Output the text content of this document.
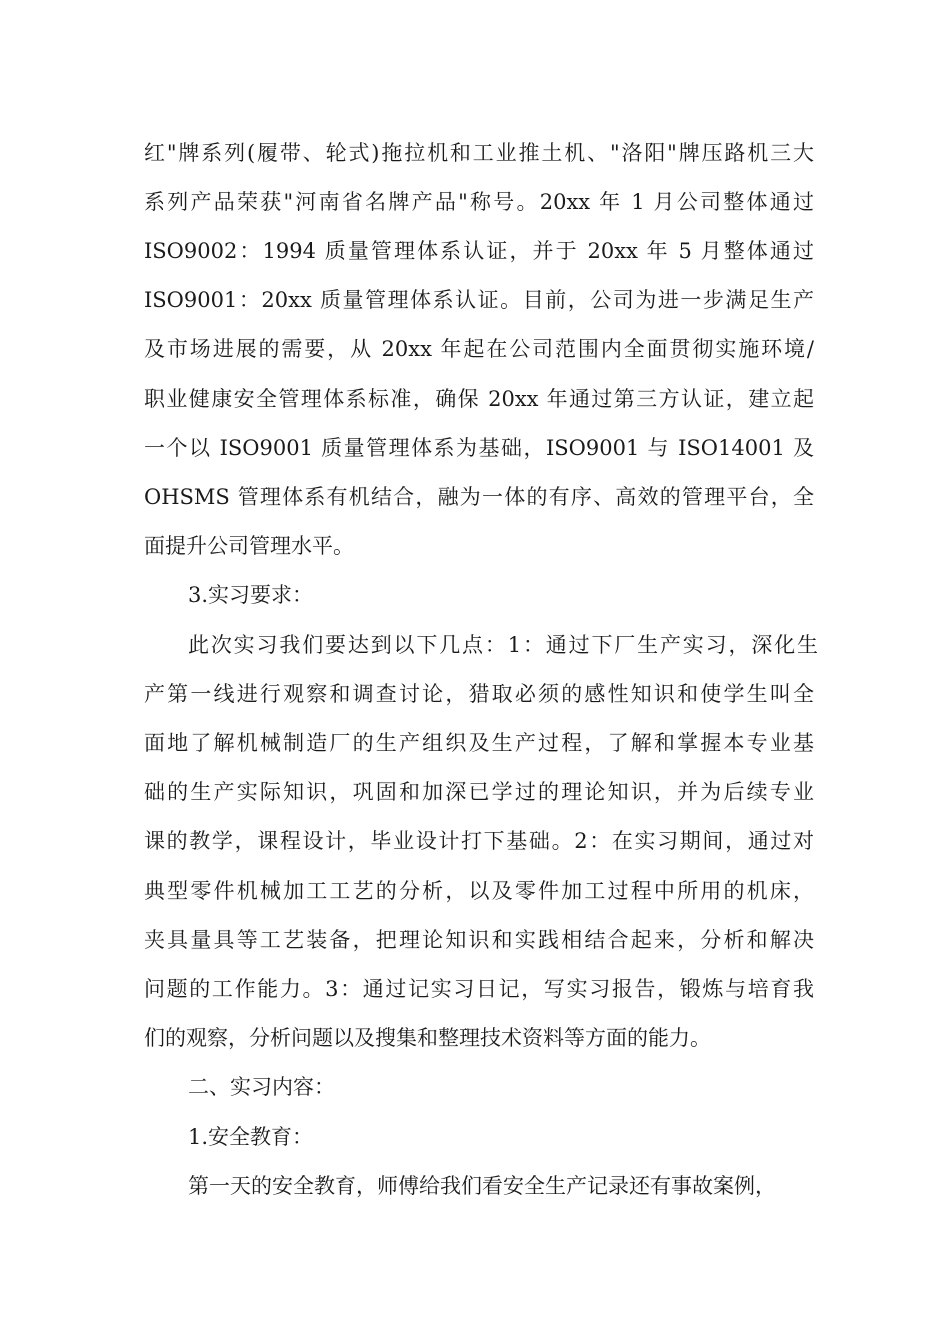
红"牌系列(履带、轮式)拖拉机和工业推土机、"洛阳"牌压路机三大
系列产品荣获"河南省名牌产品"称号。20xx 年 1 月公司整体通过
ISO9002：1994 质量管理体系认证，并于 20xx 年 5 月整体通过
ISO9001：20xx 质量管理体系认证。目前，公司为进一步满足生产
及市场进展的需要，从 20xx 年起在公司范围内全面贯彻实施环境/
职业健康安全管理体系标准，确保 20xx 年通过第三方认证，建立起
一个以 ISO9001 质量管理体系为基础，ISO9001 与 ISO14001 及
OHSMS 管理体系有机结合，融为一体的有序、高效的管理平台，全
面提升公司管理水平。
3.实习要求：
此次实习我们要达到以下几点：1：通过下厂生产实习，深化生
产第一线进行观察和调查讨论，猎取必须的感性知识和使学生叫全
面地了解机械制造厂的生产组织及生产过程，了解和掌握本专业基
础的生产实际知识，巩固和加深已学过的理论知识，并为后续专业
课的教学，课程设计，毕业设计打下基础。2：在实习期间，通过对
典型零件机械加工工艺的分析，以及零件加工过程中所用的机床，
夹具量具等工艺装备，把理论知识和实践相结合起来，分析和解决
问题的工作能力。3：通过记实习日记，写实习报告，锻炼与培育我
们的观察，分析问题以及搜集和整理技术资料等方面的能力。
二、实习内容：
1.安全教育：
第一天的安全教育，师傅给我们看安全生产记录还有事故案例，
